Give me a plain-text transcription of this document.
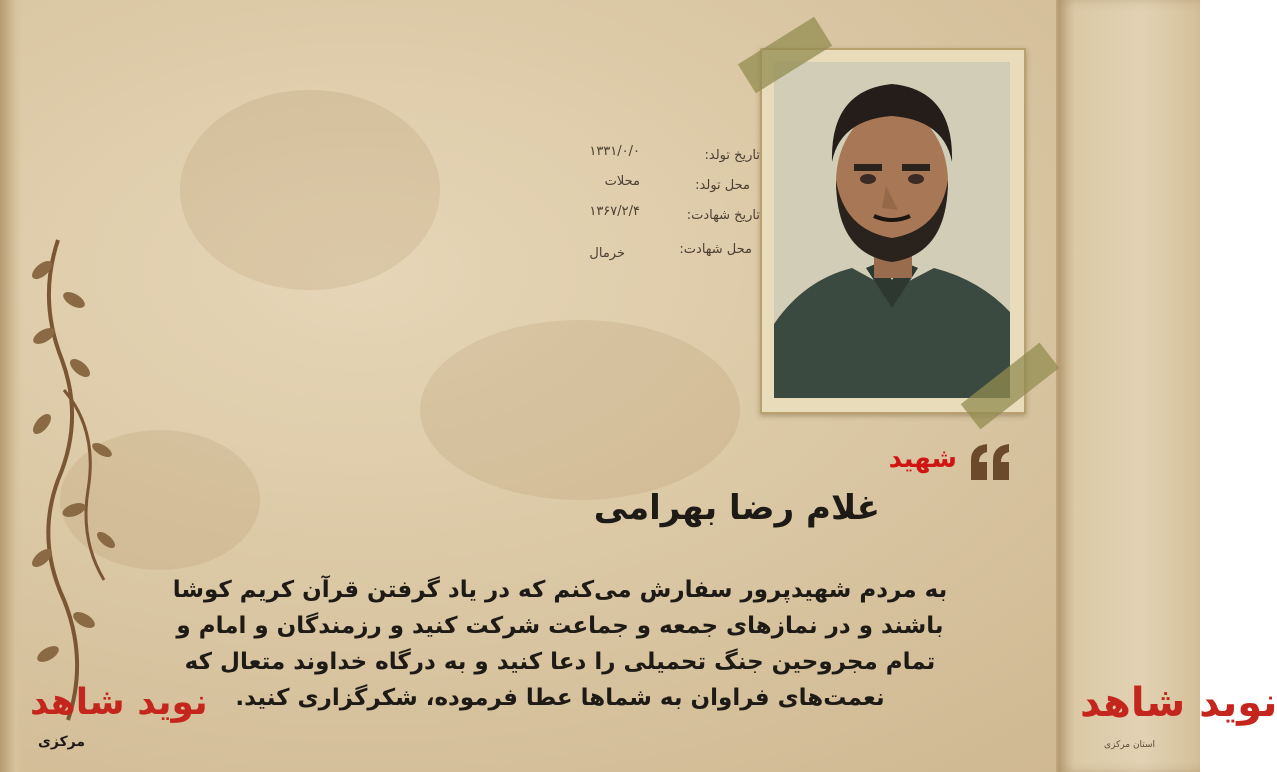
تاریخ تولد:
۱۳۳۱/۰/۰
محل تولد:
محلات
تاریخ شهادت:
۱۳۶۷/۲/۴
محل شهادت:
خرمال
شهید
غلام رضا بهرامی
به مردم شهیدپرور سفارش می‌کنم که در یاد گرفتن قرآن کریم کوشا
باشند و در نمازهای جمعه و جماعت شرکت کنید و رزمندگان و امام و
تمام مجروحین جنگ تحمیلی را دعا کنید و به درگاه خداوند متعال که
نعمت‌های فراوان به شماها عطا فرموده، شکرگزاری کنید.
نوید شاهد
مرکزی
نوید شاهد
استان مرکزی
